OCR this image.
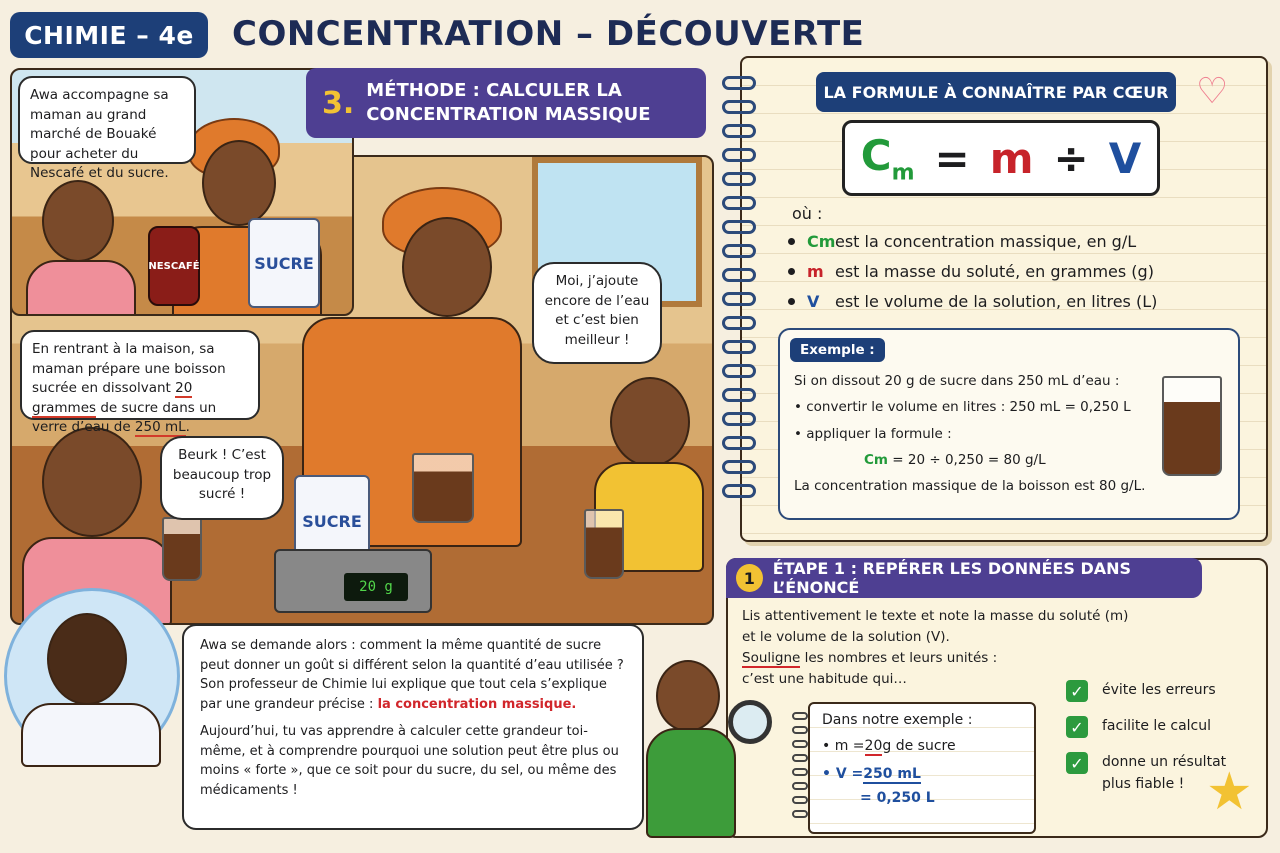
CHIMIE – 4e	CONCENTRATION – DÉCOUVERTE
SUCRE
20 g
NESCAFÉ	SUCRE
Awa accompagne sa maman au grand marché de Bouaké pour acheter du Nescafé et du sucre.
En rentrant à la maison, sa maman prépare une boisson sucrée en dissolvant 20 grammes de sucre dans un verre d’eau de 250 mL.
Moi, j’ajoute encore de l’eau et c’est bien meilleur !
Beurk ! C’est beaucoup trop sucré !
3. MÉTHODE : CALCULER LA
CONCENTRATION MASSIQUE

Awa se demande alors : comment la même quantité de sucre peut donner un goût si différent selon la quantité d’eau utilisée ? Son professeur de Chimie lui explique que tout cela s’explique par une grandeur précise : la concentration massique.

Aujourd’hui, tu vas apprendre à calculer cette grandeur toi-même, et à comprendre pourquoi une solution peut être plus ou moins « forte », que ce soit pour du sucre, du sel, ou même des médicaments !

LA FORMULE À CONNAÎTRE PAR CŒUR ♡
$C_m = m \div V$
où :
Cm est la concentration massique, en g/L
m est la masse du soluté, en grammes (g)
V est le volume de la solution, en litres (L)
Si on dissout 20 g de sucre dans 250 mL d’eau :
• convertir le volume en litres : 250 mL = 0,250 L
• appliquer la formule :
Cm = 20 ÷ 0,250 = 80 g/L
La concentration massique de la boisson est 80 g/L.
Exemple :
1	ÉTAPE 1 : REPÉRER LES DONNÉES DANS L’ÉNONCÉ
Lis attentivement le texte et note la masse du soluté (m)
et le volume de la solution (V).
Souligne les nombres et leurs unités :
c’est une habitude qui…
Dans notre exemple :
• m = 20 g de sucre
• V = 250 mL
= 0,250 L
✓	évite les erreurs
✓	facilite le calcul
✓	donne un résultat plus fiable ! ★
